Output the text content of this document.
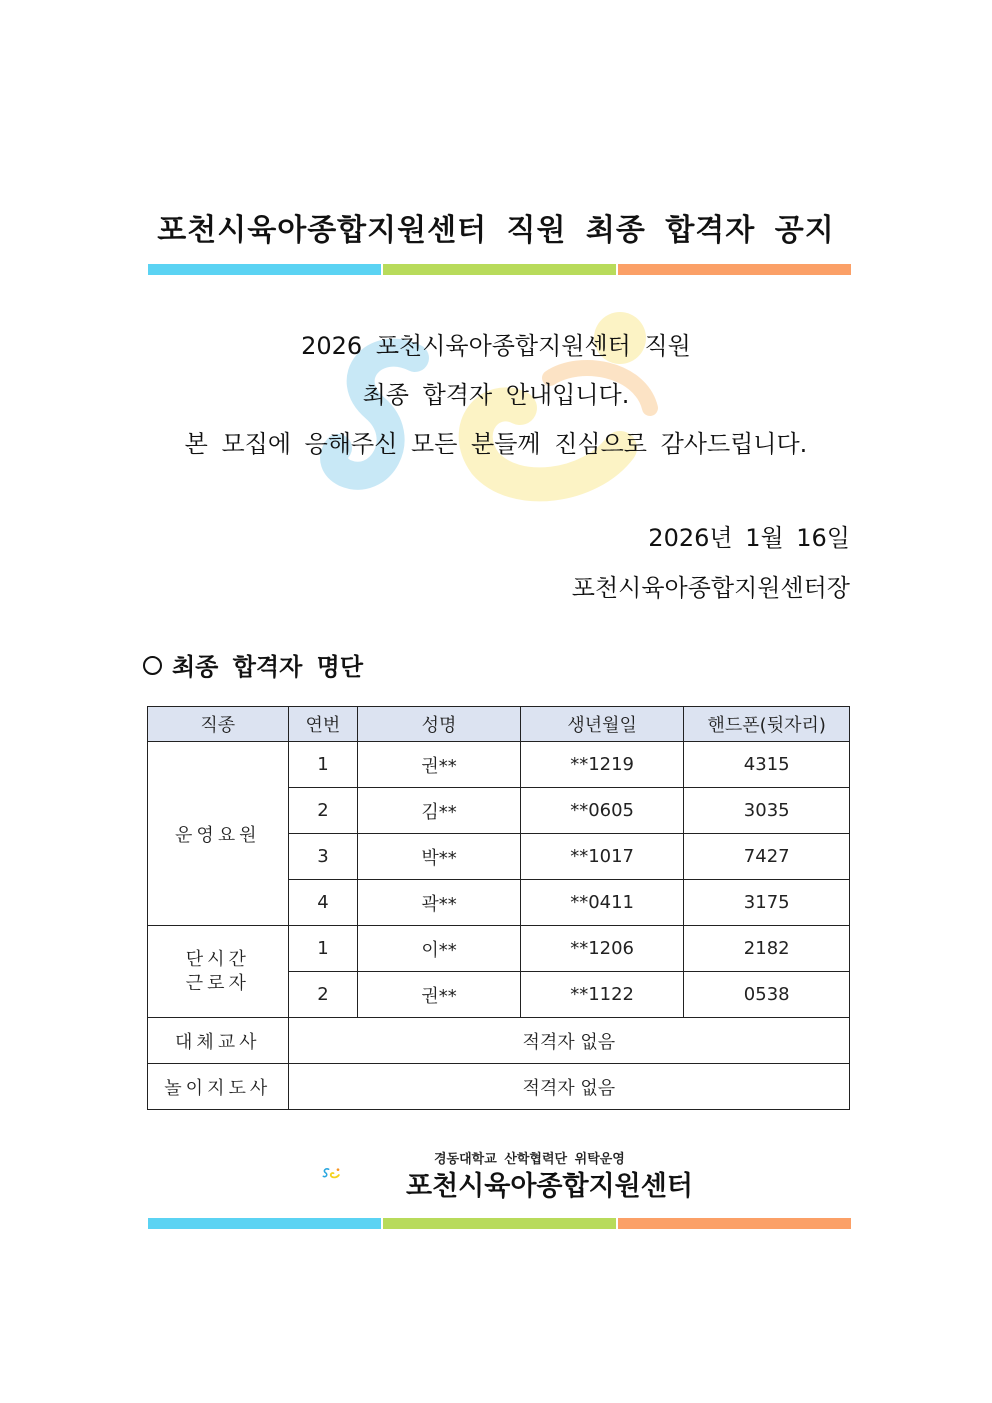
포천시육아종합지원센터 직원 최종 합격자 공지
2026 포천시육아종합지원센터 직원
최종 합격자 안내입니다.
본 모집에 응해주신 모든 분들께 진심으로 감사드립니다.
2026년 1월 16일
포천시육아종합지원센터장
최종 합격자 명단
직종	연번	성명	생년월일	핸드폰(뒷자리)
운영요원	1	권**	**1219	4315
	2	김**	**0605	3035
	3	박**	**1017	7427
	4	곽**	**0411	3175

단시간
근로자	1	이**	**1206	2182
	2	권**	**1122	0538
대체교사	적격자 없음			
놀이지도사	적격자 없음			
경동대학교 산학협력단 위탁운영
포천시육아종합지원센터
